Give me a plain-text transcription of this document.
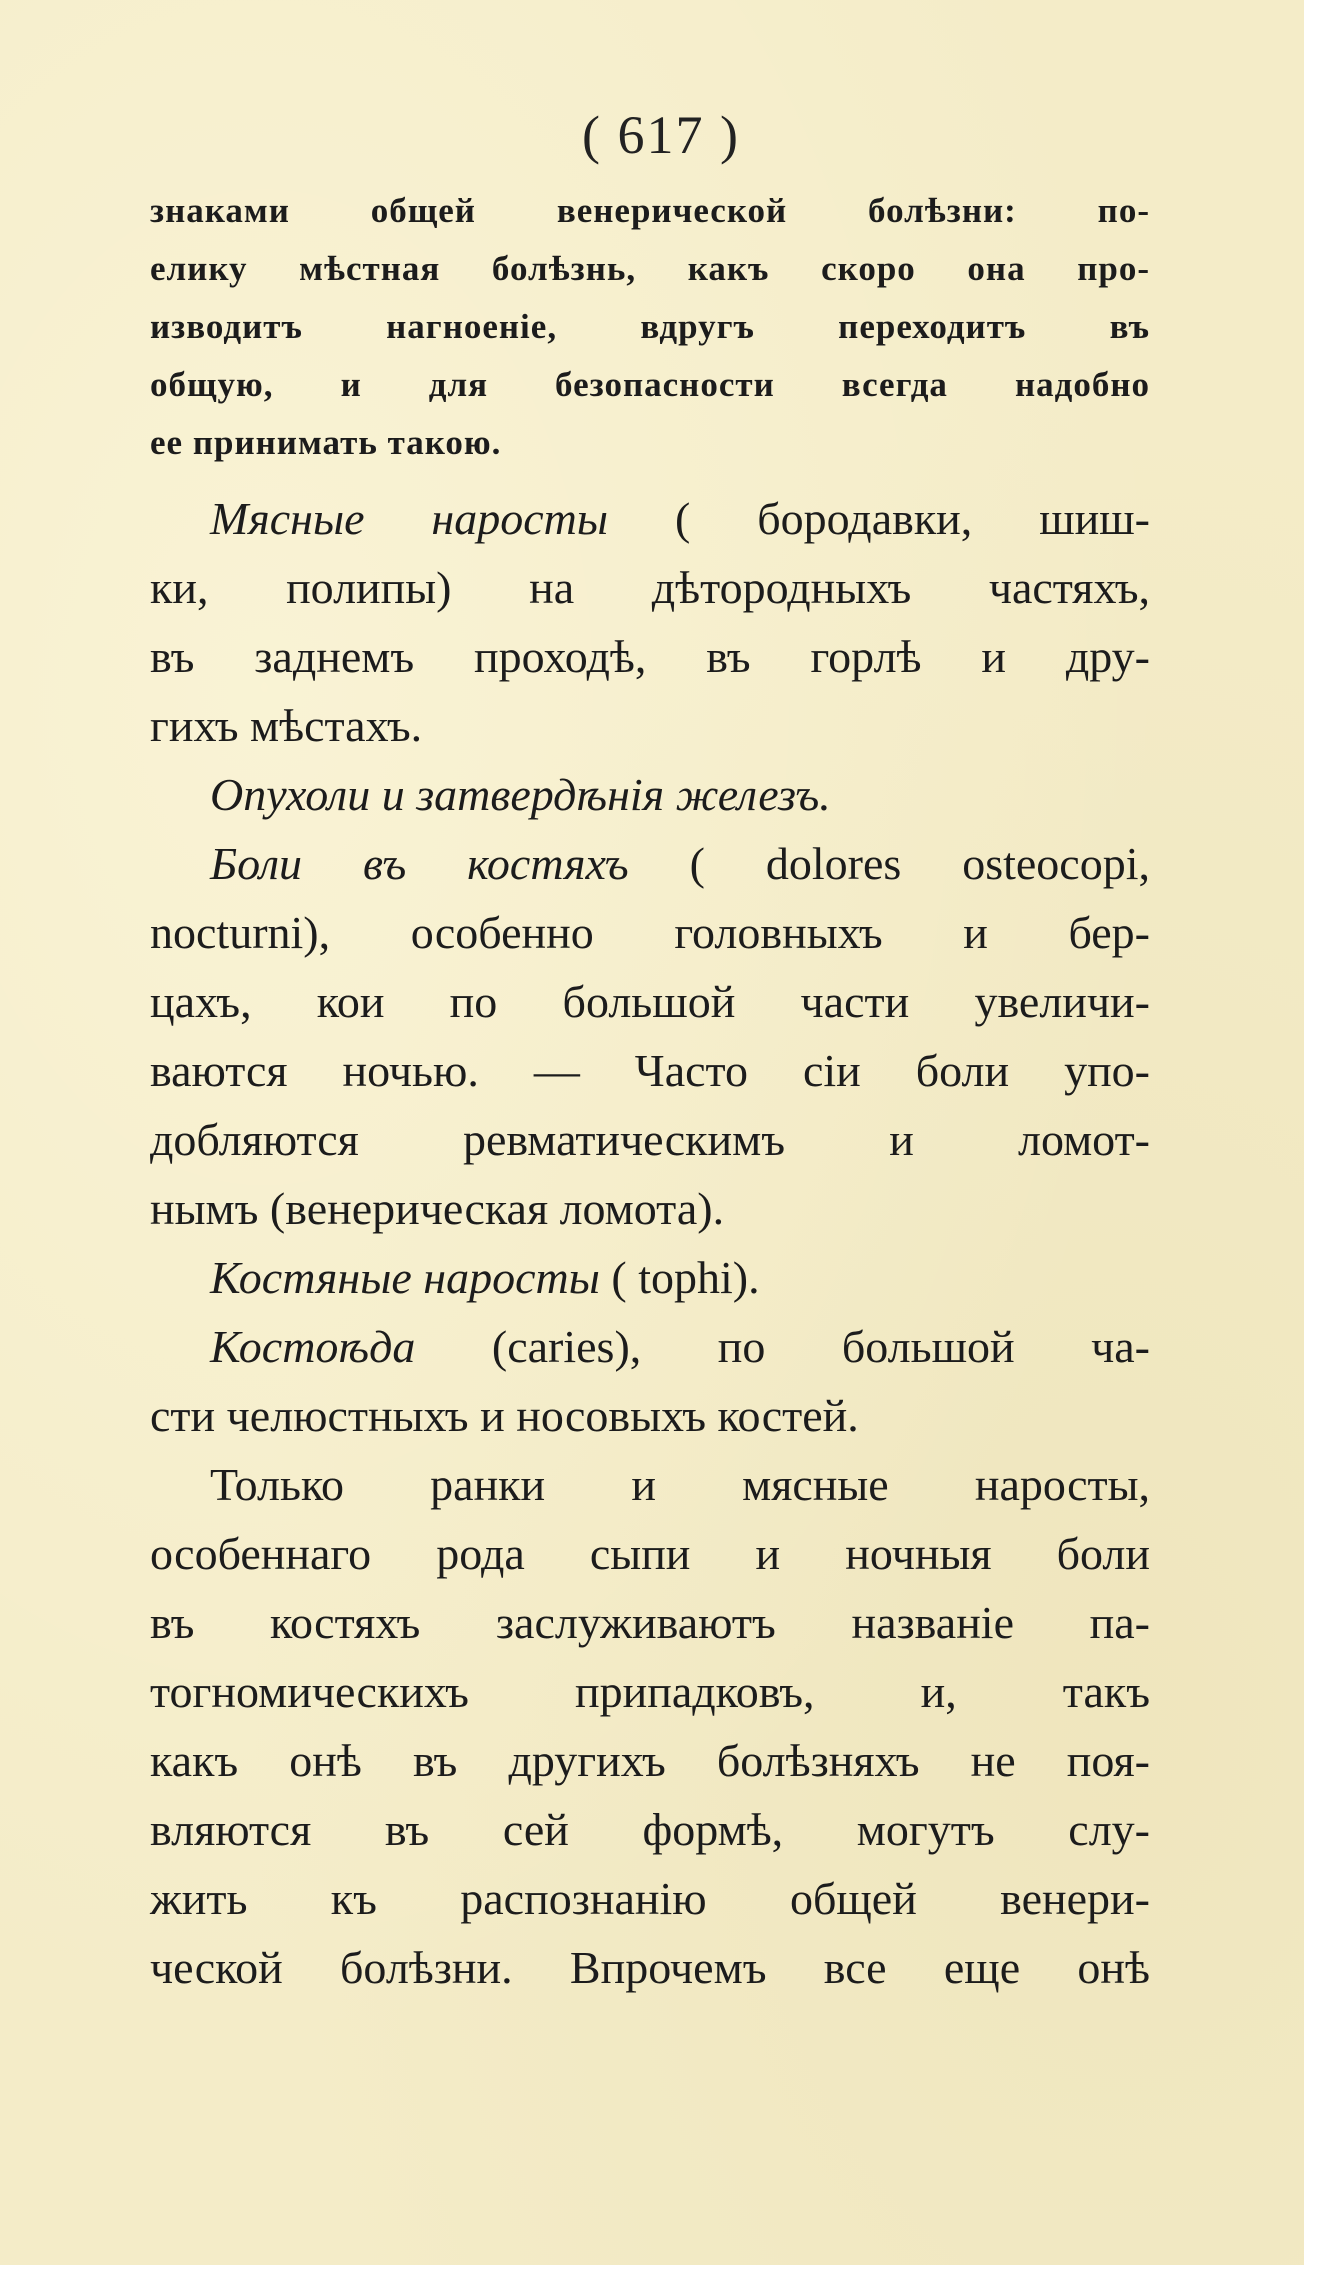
( 617 )
знаками общей венерической болѣзни: по-
елику мѣстная болѣзнь, какъ скоро она про-
изводитъ нагноеніе, вдругъ переходитъ въ
общую, и для безопасности всегда надобно
ее принимать такою.
Мясные наросты ( бородавки, шиш-
ки, полипы) на дѣтородныхъ частяхъ,
въ заднемъ проходѣ, въ горлѣ и дру-
гихъ мѣстахъ.
Опухоли и затвердѣнія железъ.
Боли въ костяхъ ( dolores osteocopi,
nocturni), особенно головныхъ и бер-
цахъ, кои по большой части увеличи-
ваются ночью. — Часто сіи боли упо-
добляются ревматическимъ и ломот-
нымъ (венерическая ломота).
Костяные наросты ( tophi).
Костоѣда (caries), по большой ча-
сти челюстныхъ и носовыхъ костей.
Только ранки и мясные наросты,
особеннаго рода сыпи и ночныя боли
въ костяхъ заслуживаютъ названіе па-
тогномическихъ припадковъ, и, такъ
какъ онѣ въ другихъ болѣзняхъ не поя-
вляются въ сей формѣ, могутъ слу-
жить къ распознанію общей венери-
ческой болѣзни. Впрочемъ все еще онѣ
